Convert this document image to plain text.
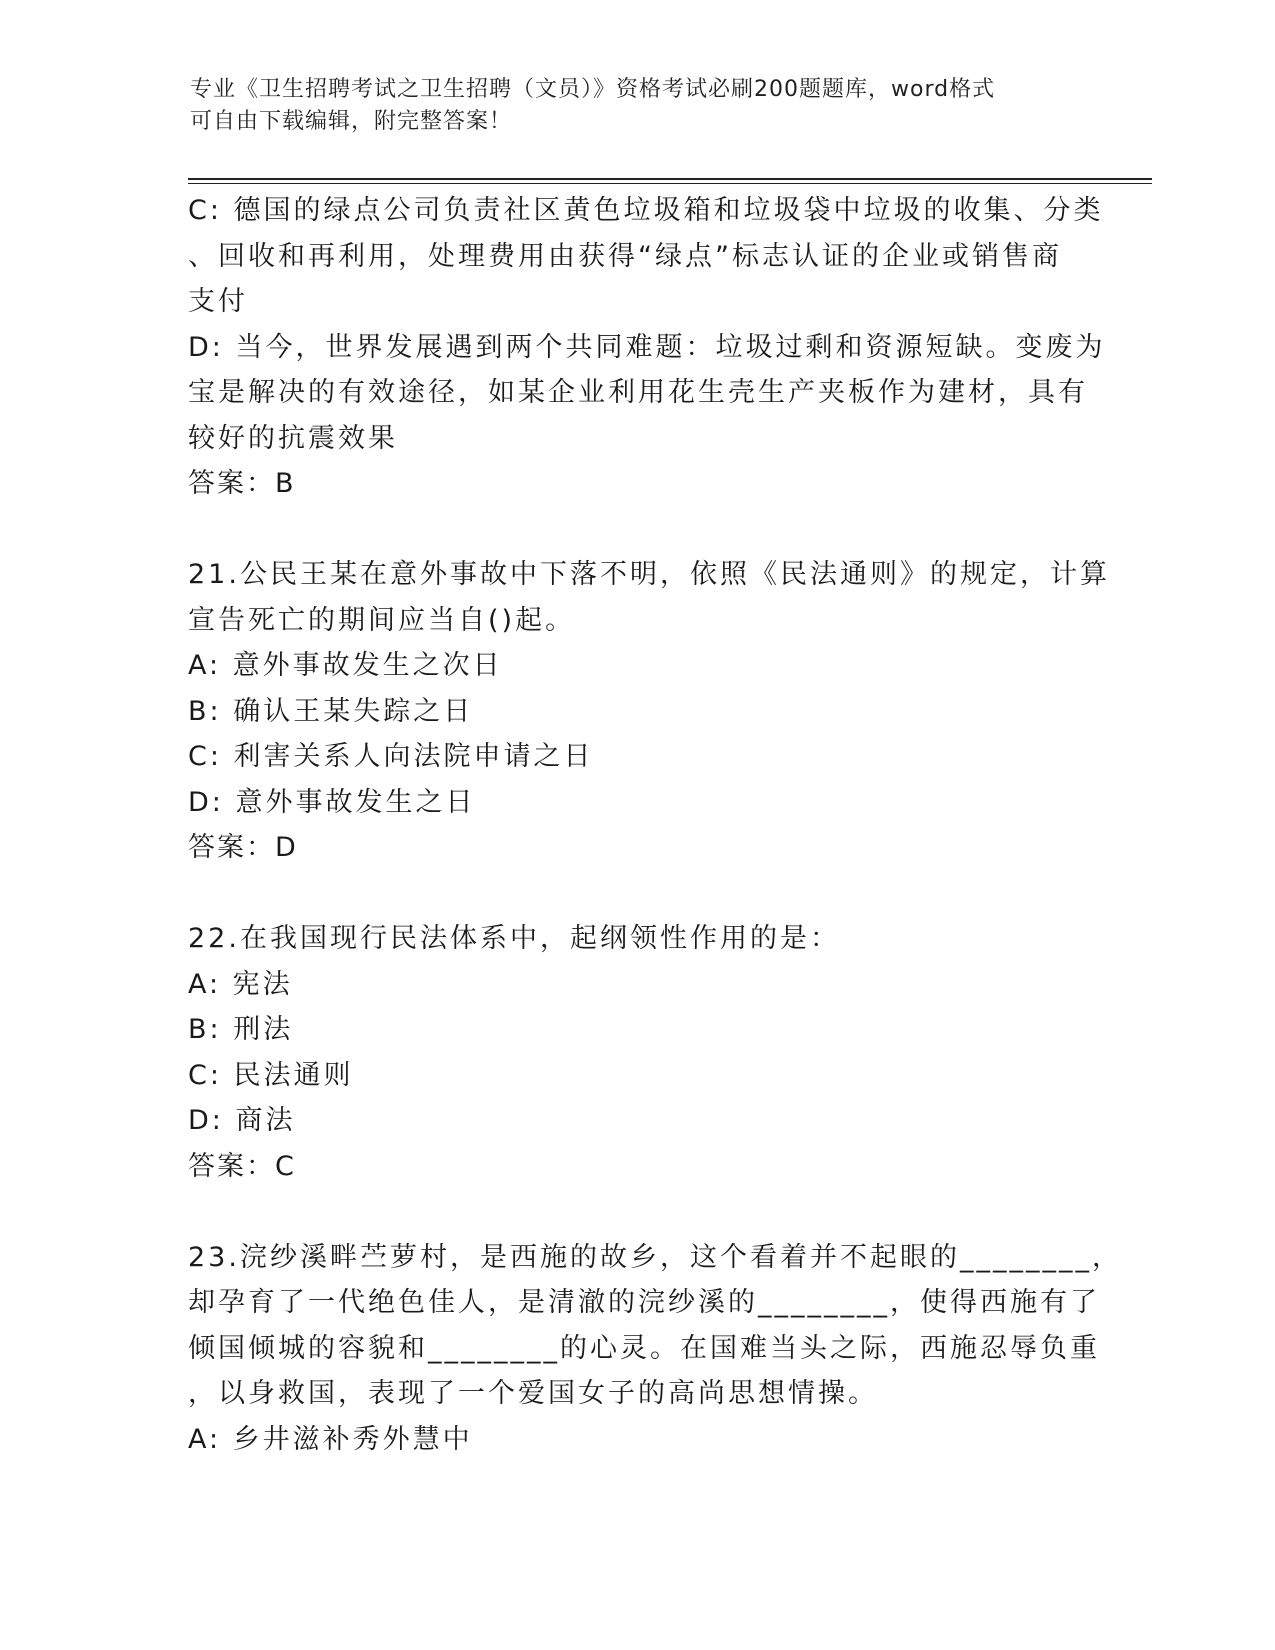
专业《卫生招聘考试之卫生招聘（文员）》资格考试必刷200题题库，word格式
可自由下载编辑，附完整答案！
C: 德国的绿点公司负责社区黄色垃圾箱和垃圾袋中垃圾的收集、分类
、回收和再利用，处理费用由获得“绿点”标志认证的企业或销售商
支付
D: 当今，世界发展遇到两个共同难题：垃圾过剩和资源短缺。变废为
宝是解决的有效途径，如某企业利用花生壳生产夹板作为建材，具有
较好的抗震效果
答案：B
21.公民王某在意外事故中下落不明，依照《民法通则》的规定，计算
宣告死亡的期间应当自()起。
A: 意外事故发生之次日
B: 确认王某失踪之日
C: 利害关系人向法院申请之日
D: 意外事故发生之日
答案：D
22.在我国现行民法体系中，起纲领性作用的是：
A: 宪法
B: 刑法
C: 民法通则
D: 商法
答案：C
23.浣纱溪畔苎萝村，是西施的故乡，这个看着并不起眼的________，
却孕育了一代绝色佳人，是清澈的浣纱溪的________，使得西施有了
倾国倾城的容貌和________的心灵。在国难当头之际，西施忍辱负重
，以身救国，表现了一个爱国女子的高尚思想情操。
A: 乡井滋补秀外慧中
